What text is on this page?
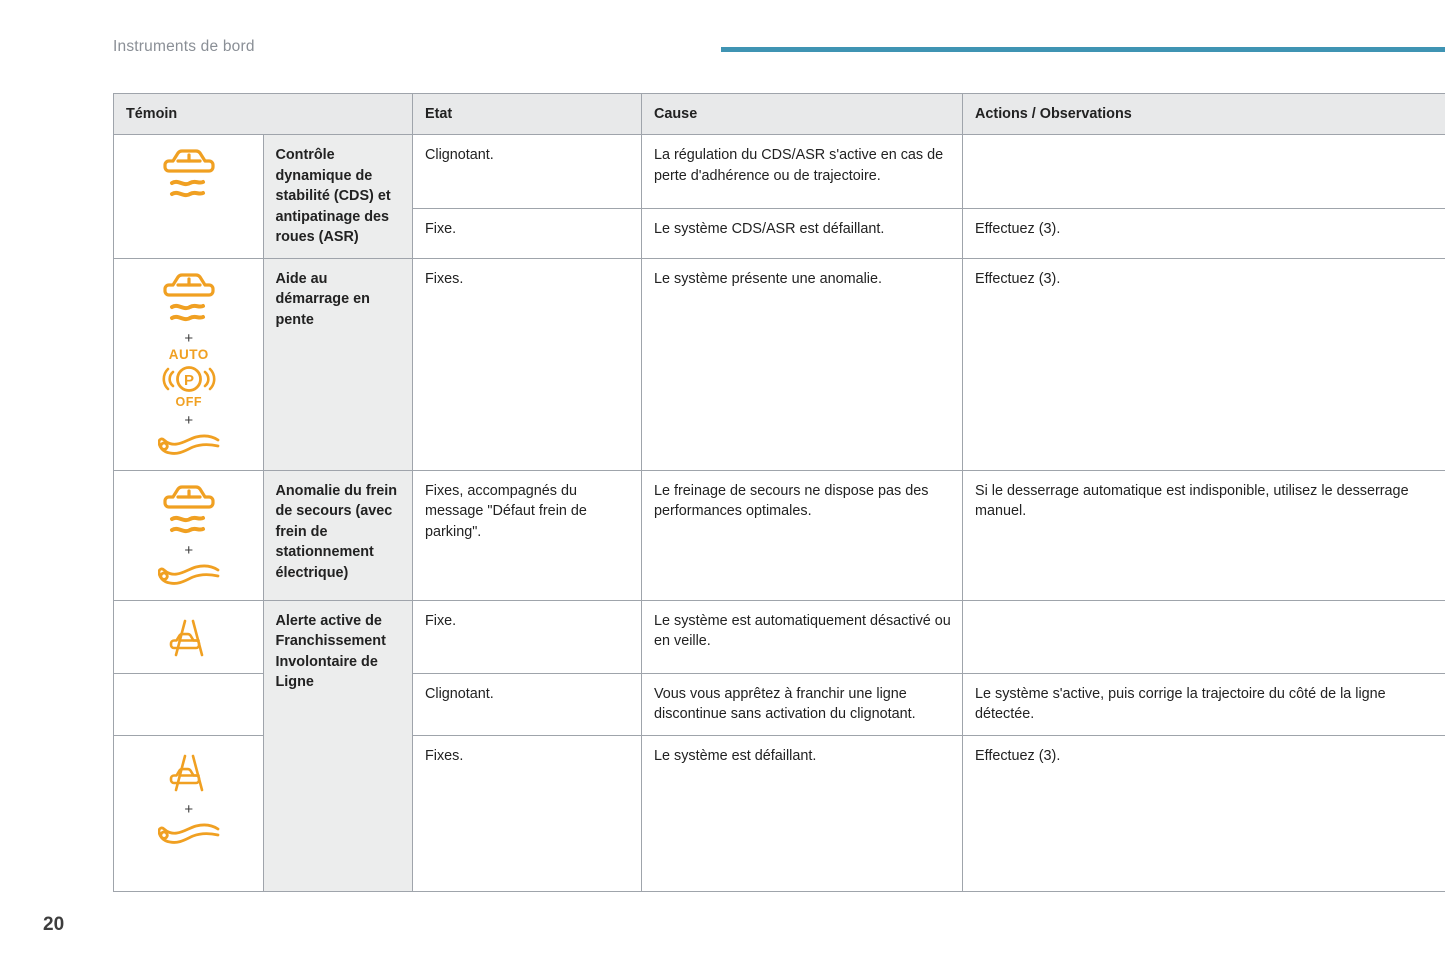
Instruments de bord
Témoin		Etat	Cause	Actions / Observations

	Contrôle dynamique de stabilité (CDS) et antipatinage des roues (ASR)	Clignotant.	La régulation du CDS/ASR s'active en cas de perte d'adhérence ou de trajectoire.	
		Fixe.	Le système CDS/ASR est défaillant.	Effectuez (3).

+
AUTO
P
OFF
+	Aide au démarrage en pente	Fixes.	Le système présente une anomalie.	Effectuez (3).

+	Anomalie du frein de secours (avec frein de stationnement électrique)	Fixes, accompagnés du message "Défaut frein de parking".	Le freinage de secours ne dispose pas des performances optimales.	Si le desserrage automatique est indisponible, utilisez le desserrage manuel.

	Alerte active de Franchissement Involontaire de Ligne	Fixe.	Le système est automatiquement désactivé ou en veille.	
		Clignotant.	Vous vous apprêtez à franchir une ligne discontinue sans activation du clignotant.	Le système s'active, puis corrige la trajectoire du côté de la ligne détectée.

+		Fixes.	Le système est défaillant.	Effectuez (3).
20
